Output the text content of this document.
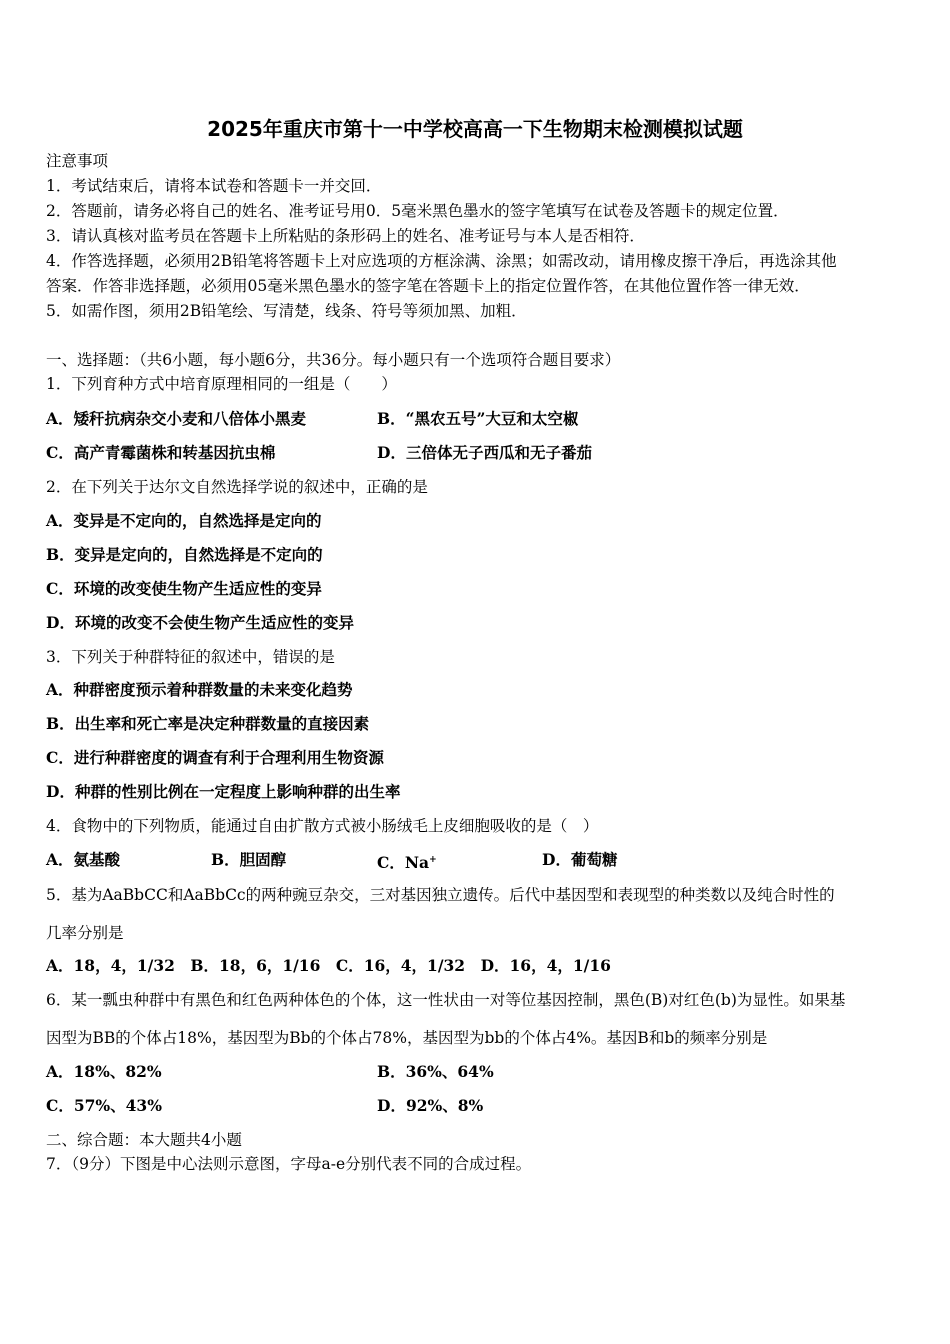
2025年重庆市第十一中学校高高一下生物期末检测模拟试题
注意事项
1．考试结束后，请将本试卷和答题卡一并交回．
2．答题前，请务必将自己的姓名、准考证号用0．5毫米黑色墨水的签字笔填写在试卷及答题卡的规定位置．
3．请认真核对监考员在答题卡上所粘贴的条形码上的姓名、准考证号与本人是否相符．
4．作答选择题，必须用2B铅笔将答题卡上对应选项的方框涂满、涂黑；如需改动，请用橡皮擦干净后，再选涂其他
答案．作答非选择题，必须用05毫米黑色墨水的签字笔在答题卡上的指定位置作答，在其他位置作答一律无效．
5．如需作图，须用2B铅笔绘、写清楚，线条、符号等须加黑、加粗．
一、选择题：（共6小题，每小题6分，共36分。每小题只有一个选项符合题目要求）
1．下列育种方式中培育原理相同的一组是（　　）
A．矮秆抗病杂交小麦和八倍体小黑麦	B．“黑农五号”大豆和太空椒
C．高产青霉菌株和转基因抗虫棉	D．三倍体无子西瓜和无子番茄
2．在下列关于达尔文自然选择学说的叙述中，正确的是
A．变异是不定向的，自然选择是定向的
B．变异是定向的，自然选择是不定向的
C．环境的改变使生物产生适应性的变异
D．环境的改变不会使生物产生适应性的变异
3．下列关于种群特征的叙述中，错误的是
A．种群密度预示着种群数量的未来变化趋势
B．出生率和死亡率是决定种群数量的直接因素
C．进行种群密度的调查有利于合理利用生物资源
D．种群的性别比例在一定程度上影响种群的出生率
4．食物中的下列物质，能通过自由扩散方式被小肠绒毛上皮细胞吸收的是（　）
A．氨基酸	B．胆固醇	C．Na+	D．葡萄糖
5．基为AaBbCC和AaBbCc的两种豌豆杂交，三对基因独立遗传。后代中基因型和表现型的种类数以及纯合时性的
几率分别是
A．18，4，1/32　B．18，6，1/16　C．16，4，1/32　D．16，4，1/16
6．某一瓢虫种群中有黑色和红色两种体色的个体，这一性状由一对等位基因控制，黑色(B)对红色(b)为显性。如果基
因型为BB的个体占18%，基因型为Bb的个体占78%，基因型为bb的个体占4%。基因B和b的频率分别是
A．18%、82%	B．36%、64%
C．57%、43%	D．92%、8%
二、综合题：本大题共4小题
7．（9分）下图是中心法则示意图，字母a-e分别代表不同的合成过程。
